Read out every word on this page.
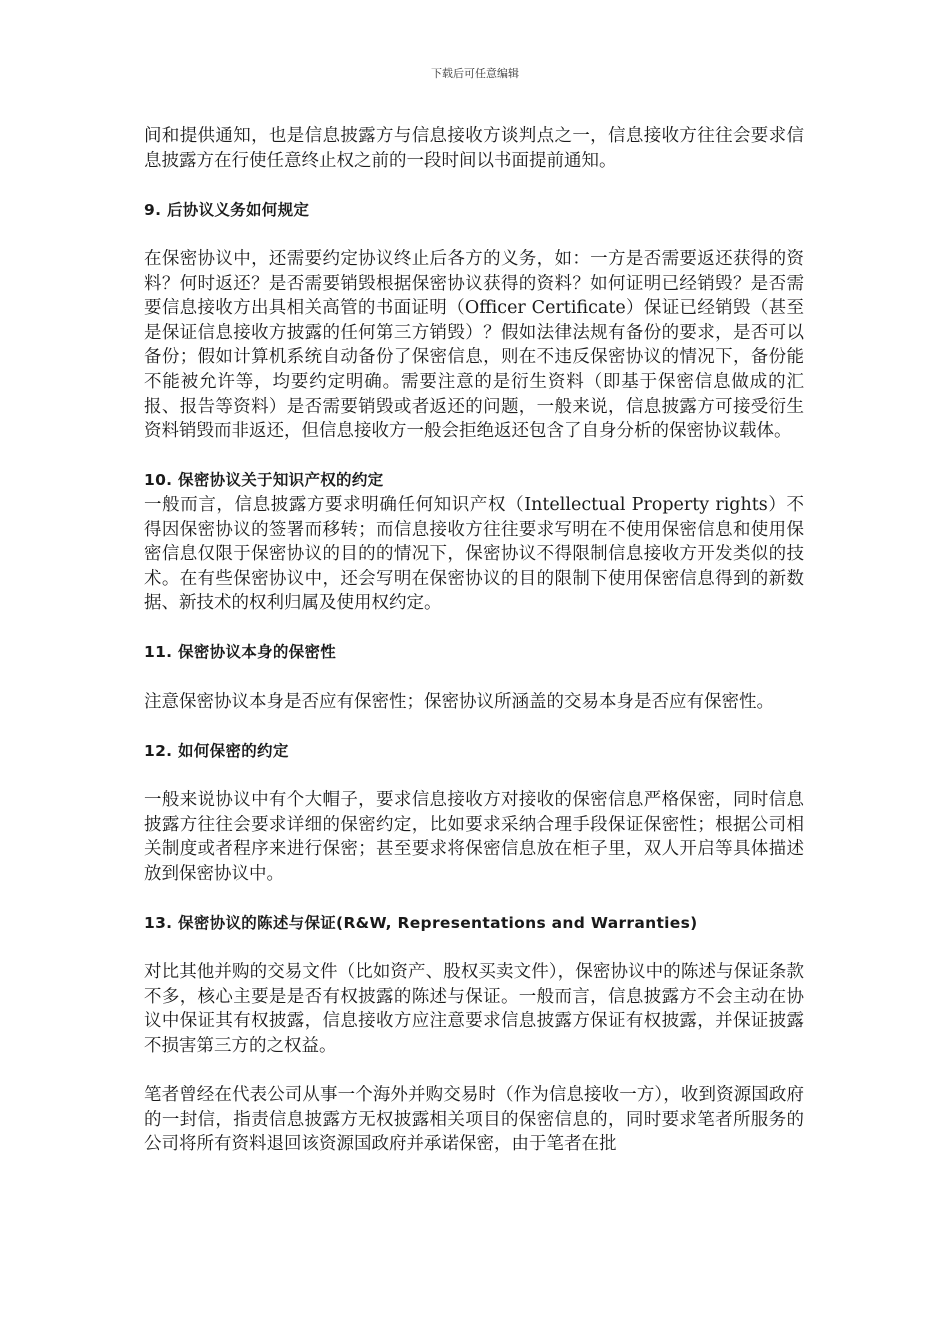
下载后可任意编辑

间和提供通知，也是信息披露方与信息接收方谈判点之一，信息接收方往往会要求信息披露方在行使任意终止权之前的一段时间以书面提前通知。

9. 后协议义务如何规定

在保密协议中，还需要约定协议终止后各方的义务，如：一方是否需要返还获得的资料？何时返还？是否需要销毁根据保密协议获得的资料？如何证明已经销毁？是否需要信息接收方出具相关高管的书面证明（Officer Certificate）保证已经销毁（甚至是保证信息接收方披露的任何第三方销毁）？假如法律法规有备份的要求，是否可以备份；假如计算机系统自动备份了保密信息，则在不违反保密协议的情况下，备份能不能被允许等，均要约定明确。需要注意的是衍生资料（即基于保密信息做成的汇报、报告等资料）是否需要销毁或者返还的问题，一般来说，信息披露方可接受衍生资料销毁而非返还，但信息接收方一般会拒绝返还包含了自身分析的保密协议载体。

10. 保密协议关于知识产权的约定

一般而言，信息披露方要求明确任何知识产权（Intellectual Property rights）不得因保密协议的签署而移转；而信息接收方往往要求写明在不使用保密信息和使用保密信息仅限于保密协议的目的的情况下，保密协议不得限制信息接收方开发类似的技术。在有些保密协议中，还会写明在保密协议的目的限制下使用保密信息得到的新数据、新技术的权利归属及使用权约定。

11. 保密协议本身的保密性

注意保密协议本身是否应有保密性；保密协议所涵盖的交易本身是否应有保密性。

12. 如何保密的约定

一般来说协议中有个大帽子，要求信息接收方对接收的保密信息严格保密，同时信息披露方往往会要求详细的保密约定，比如要求采纳合理手段保证保密性；根据公司相关制度或者程序来进行保密；甚至要求将保密信息放在柜子里，双人开启等具体描述放到保密协议中。

13. 保密协议的陈述与保证(R&W, Representations and Warranties)

对比其他并购的交易文件（比如资产、股权买卖文件），保密协议中的陈述与保证条款不多，核心主要是是否有权披露的陈述与保证。一般而言，信息披露方不会主动在协议中保证其有权披露，信息接收方应注意要求信息披露方保证有权披露，并保证披露不损害第三方的之权益。

笔者曾经在代表公司从事一个海外并购交易时（作为信息接收一方），收到资源国政府的一封信，指责信息披露方无权披露相关项目的保密信息的，同时要求笔者所服务的公司将所有资料退回该资源国政府并承诺保密，由于笔者在批
